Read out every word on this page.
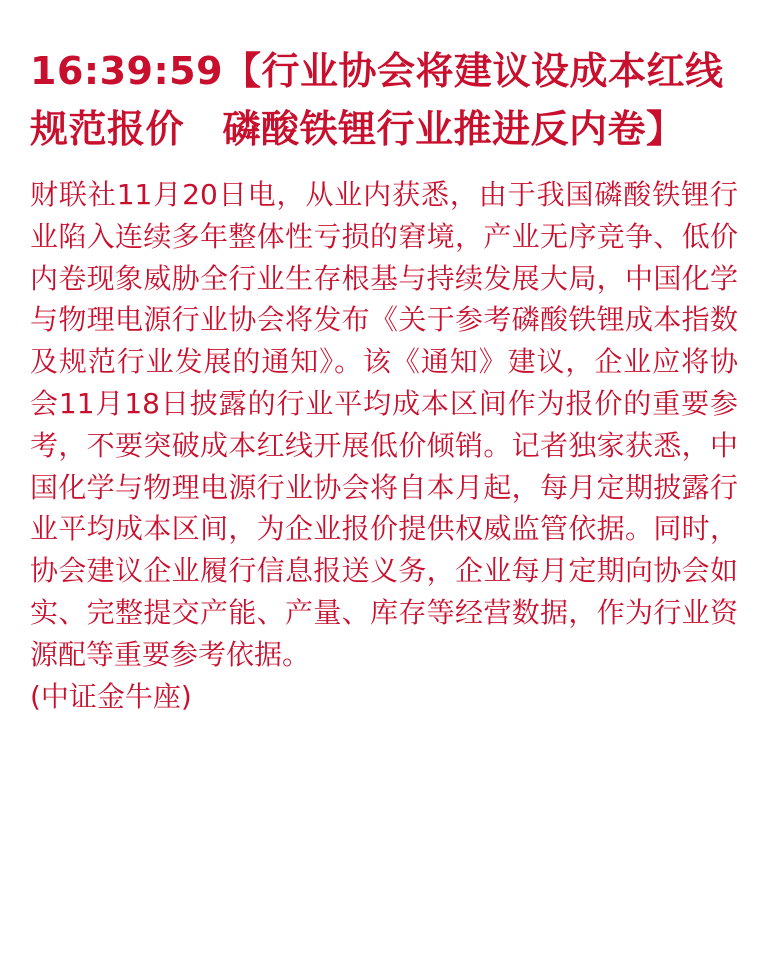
16:39:59【行业协会将建议设成本红线规范报价　磷酸铁锂行业推进反内卷】

财联社11月20日电，从业内获悉，由于我国磷酸铁锂行业陷入连续多年整体性亏损的窘境，产业无序竞争、低价内卷现象威胁全行业生存根基与持续发展大局，中国化学与物理电源行业协会将发布《关于参考磷酸铁锂成本指数及规范行业发展的通知》。该《通知》建议，企业应将协会11月18日披露的行业平均成本区间作为报价的重要参考，不要突破成本红线开展低价倾销。记者独家获悉，中国化学与物理电源行业协会将自本月起，每月定期披露行业平均成本区间，为企业报价提供权威监管依据。同时，协会建议企业履行信息报送义务，企业每月定期向协会如实、完整提交产能、产量、库存等经营数据，作为行业资源配等重要参考依据。
(中证金牛座)
